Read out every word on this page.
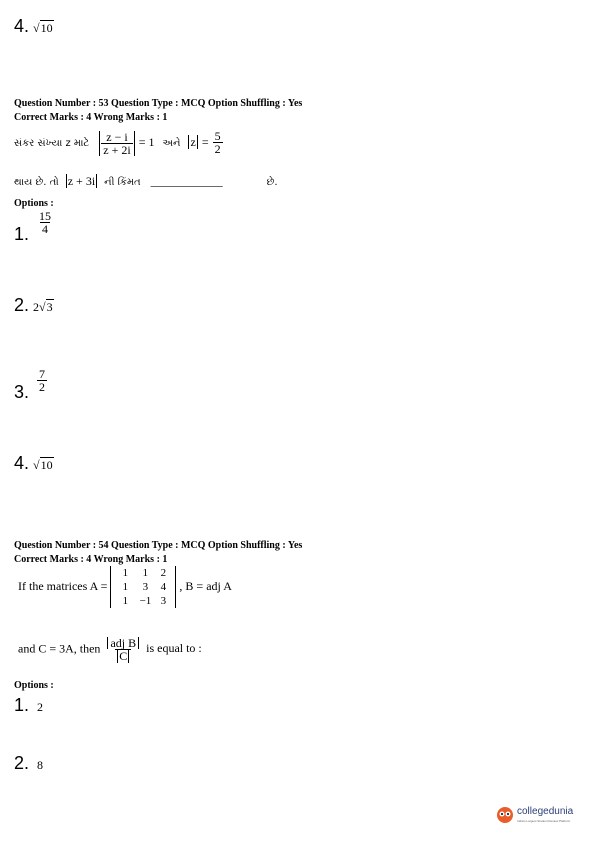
4. √10
Question Number : 53 Question Type : MCQ Option Shuffling : Yes
Correct Marks : 4 Wrong Marks : 1
સંકર સંખ્યા z માટે $\frac{z - i}{z + 2i} = 1$ અને $z = \frac{5}{2}$
થાય છે. તો z + 3i ની કિંમત ____________	છે.
Options :
1. $\frac{15}{4}$
2. 2√3
3. $\frac{7}{2}$
4. √10
Question Number : 54 Question Type : MCQ Option Shuffling : Yes
Correct Marks : 4 Wrong Marks : 1
If the matrices A =
1	1	2
1	3	4
1	−1 3
, B = adj A
and C = 3A, then $\frac{\text{adj B}}{C}$ is equal to :
Options :
1. 2
2. 8
collegedunia
India's Largest Student Review Platform
